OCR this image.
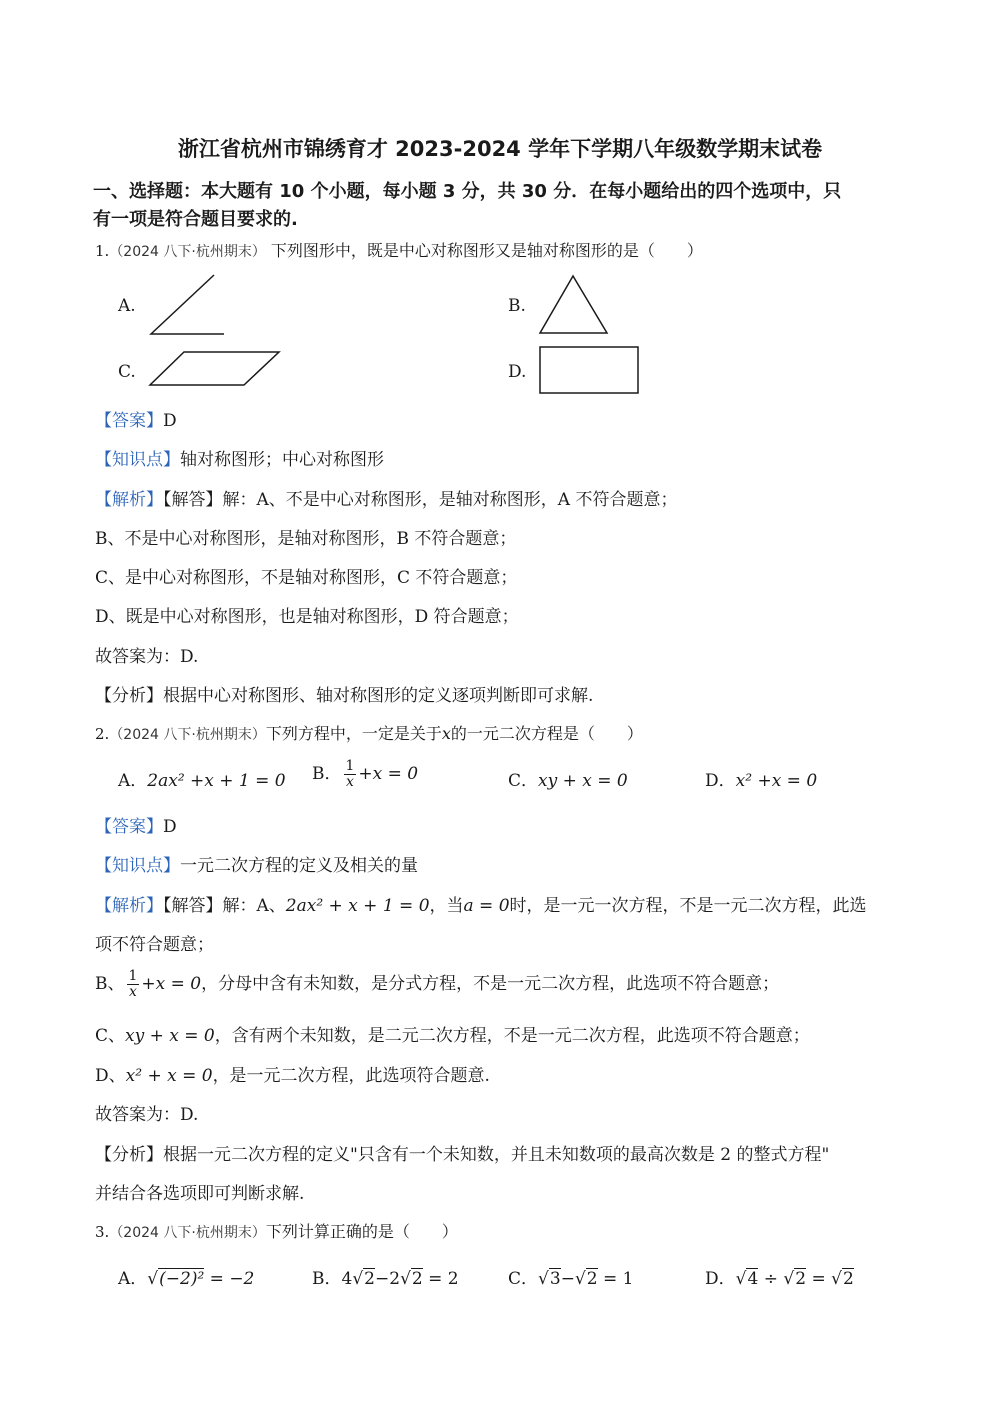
浙江省杭州市锦绣育才 2023-2024 学年下学期八年级数学期末试卷
一、选择题：本大题有 10 个小题，每小题 3 分，共 30 分．在每小题给出的四个选项中，只
有一项是符合题目要求的.
1.（2024 八下·杭州期末） 下列图形中，既是中心对称图形又是轴对称图形的是（　　）
A.	B.
C.	D.
【答案】D
【知识点】轴对称图形；中心对称图形
【解析】【解答】解：A、不是中心对称图形，是轴对称图形，A 不符合题意；
B、不是中心对称图形，是轴对称图形，B 不符合题意；
C、是中心对称图形，不是轴对称图形，C 不符合题意；
D、既是中心对称图形，也是轴对称图形，D 符合题意；
故答案为：D.
【分析】根据中心对称图形、轴对称图形的定义逐项判断即可求解.
2.（2024 八下·杭州期末）下列方程中，一定是关于x的一元二次方程是（　　）
A．2ax² +x + 1 = 0 B． $\frac{1}{x} +x = 0$	C．xy + x = 0	D．x² +x = 0
【答案】D
【知识点】一元二次方程的定义及相关的量
【解析】【解答】解：A、2ax² + x + 1 = 0，当a = 0时，是一元一次方程，不是一元二次方程，此选
项不符合题意；
B、 $\frac{1}{x} +x = 0$，分母中含有未知数，是分式方程，不是一元二次方程，此选项不符合题意；
C、xy + x = 0，含有两个未知数，是二元二次方程，不是一元二次方程，此选项不符合题意；
D、x² + x = 0，是一元二次方程，此选项符合题意.
故答案为：D.
【分析】根据一元二次方程的定义"只含有一个未知数，并且未知数项的最高次数是 2 的整式方程"
并结合各选项即可判断求解.
3.（2024 八下·杭州期末）下列计算正确的是（　　）
A．√(−2)² = −2	B．4√2−2√2 = 2	C．√3−√2 = 1	D．√4 ÷ √2 = √2
